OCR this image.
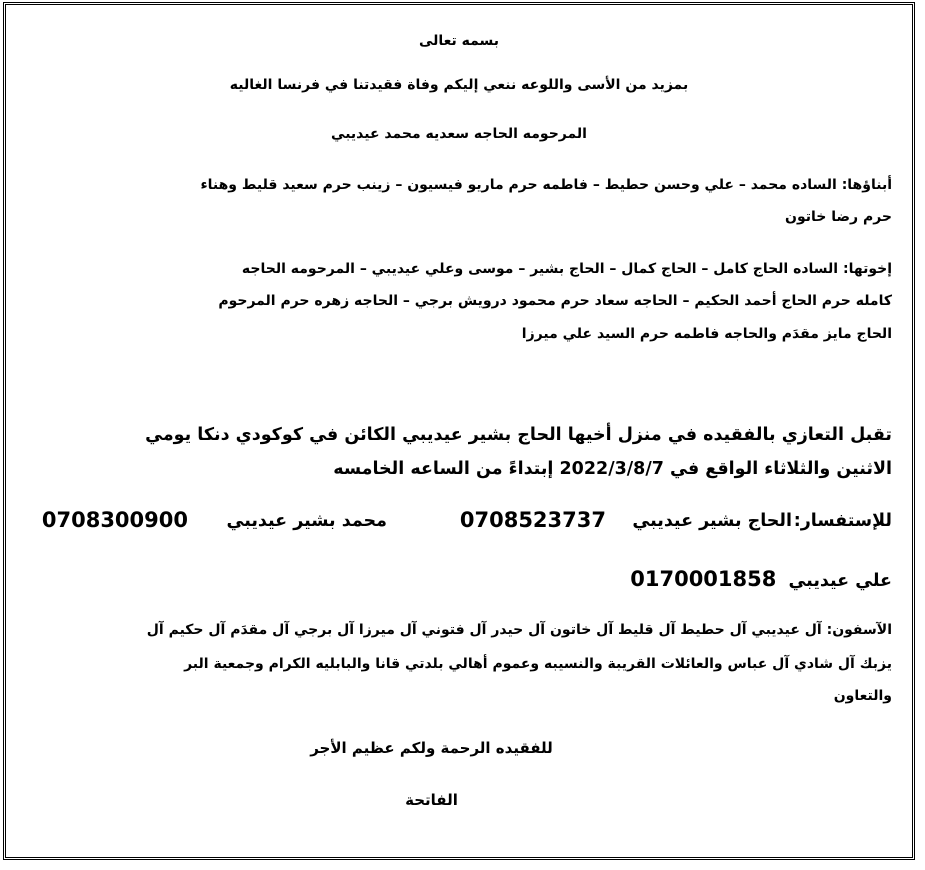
بسمه تعالى
بمزيد من الأسى واللوعه ننعي إليكم وفاة فقيدتنا في فرنسا الغاليه
المرحومه الحاجه سعديه محمد عيديبي
أبناؤها: الساده محمد – علي وحسن حطيط – فاطمه حرم ماريو فيسيون – زينب حرم سعيد قليط وهناء
حرم رضا خاتون
إخوتها: الساده الحاج كامل – الحاج كمال – الحاج بشير – موسى وعلي عيديبي – المرحومه الحاجه
كامله حرم الحاج أحمد الحكيم – الحاجه سعاد حرم محمود درويش برجي – الحاجه زهره حرم المرحوم
الحاج مايز مقدَم والحاجه فاطمه حرم السيد علي ميرزا
تقبل التعازي بالفقيده في منزل أخيها الحاج بشير عيديبي الكائن في كوكودي دنكا يومي
الاثنين والثلاثاء الواقع في 2022/3/8/7 إبتداءً من الساعه الخامسه
للإستفسار:
الحاج بشير عيديبي
0708523737
محمد بشير عيديبي
0708300900
علي عيديبي 0170001858
الآسفون: آل عيديبي آل حطيط آل قليط آل خاتون آل حيدر آل فتوني آل ميرزا آل برجي آل مقدَم آل حكيم آل
يزبك آل شادي آل عباس والعائلات القريبة والنسيبه وعموم أهالي بلدتي قانا والبابليه الكرام وجمعية البر
والتعاون
للفقيده الرحمة ولكم عظيم الأجر
الفاتحة
